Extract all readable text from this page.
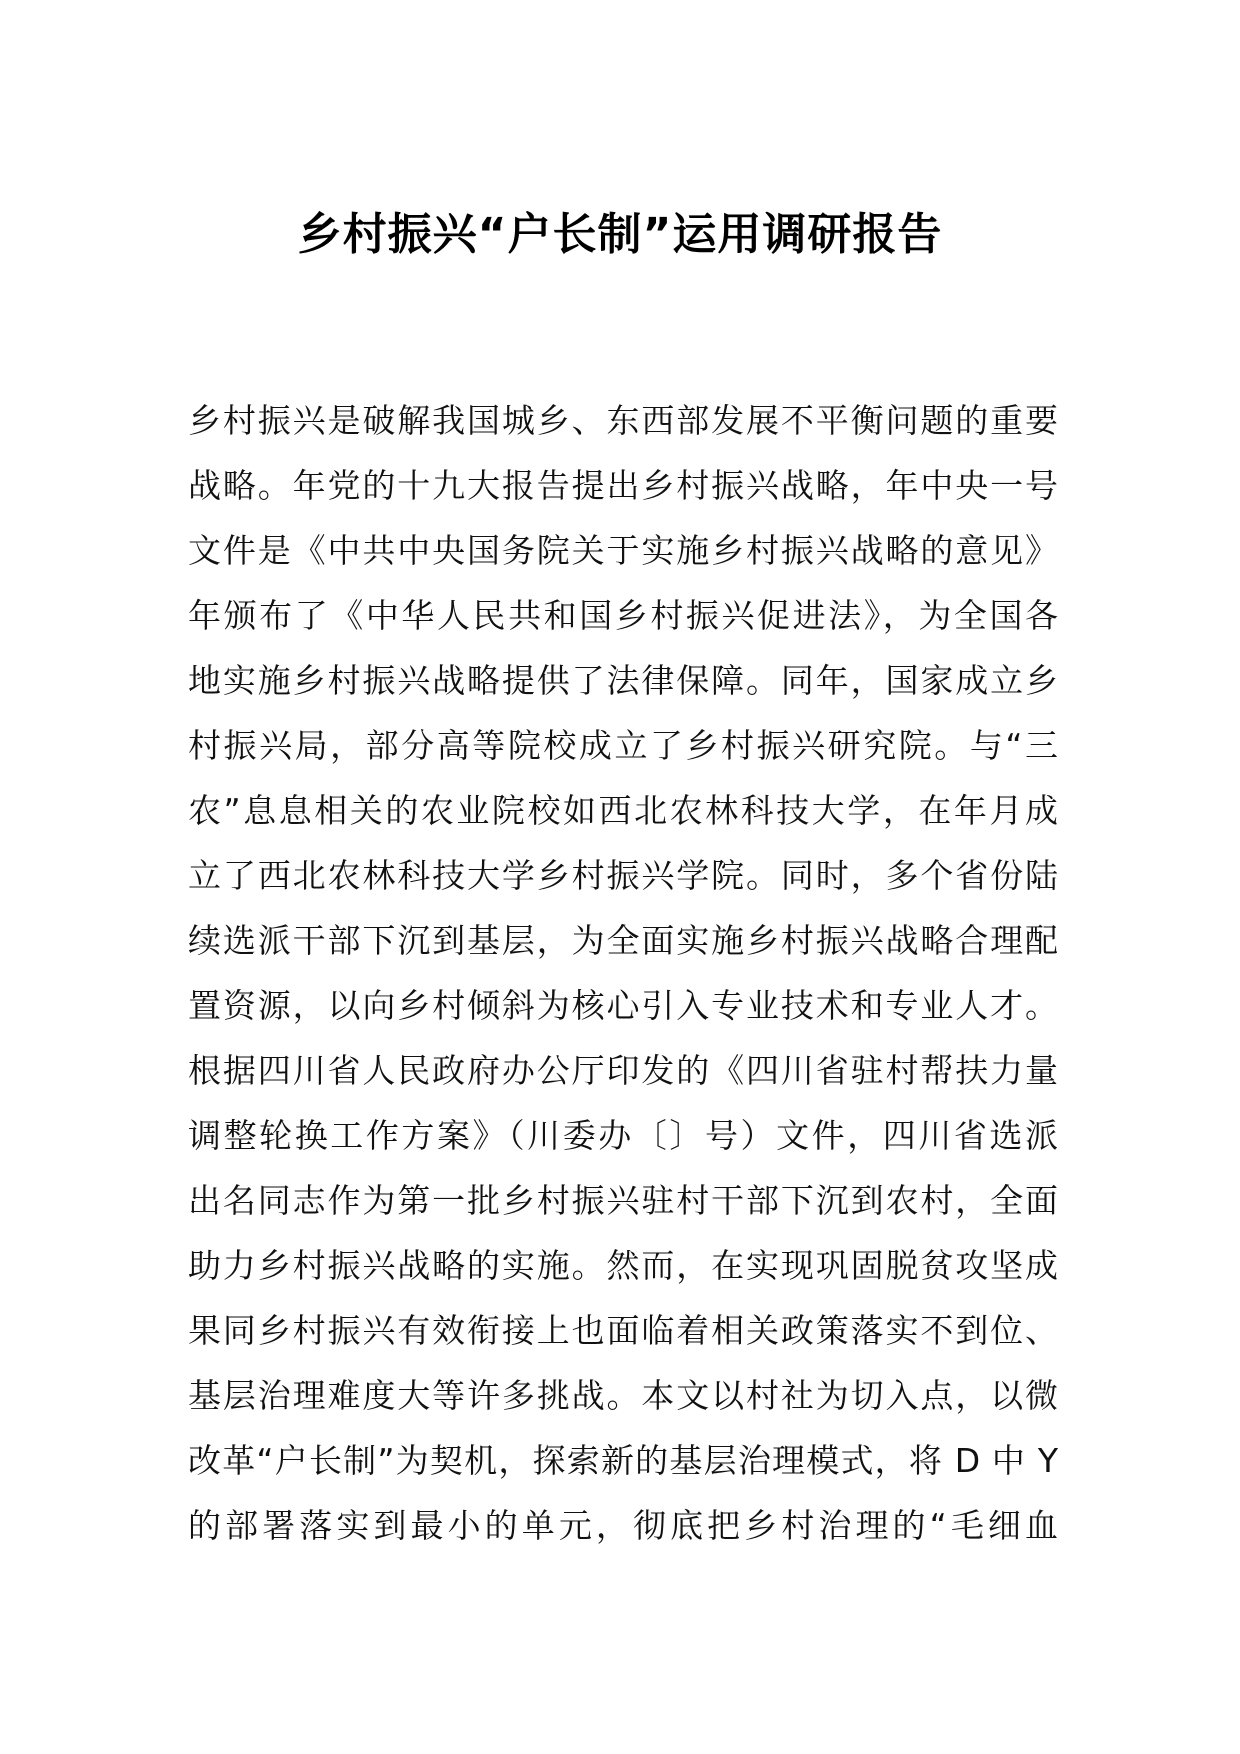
乡村振兴“户长制”运用调研报告
乡村振兴是破解我国城乡、东西部发展不平衡问题的重要
战略。年党的十九大报告提出乡村振兴战略，年中央一号
文件是《中共中央国务院关于实施乡村振兴战略的意见》
年颁布了《中华人民共和国乡村振兴促进法》，为全国各
地实施乡村振兴战略提供了法律保障。同年，国家成立乡
村振兴局，部分高等院校成立了乡村振兴研究院。与“三
农”息息相关的农业院校如西北农林科技大学，在年月成
立了西北农林科技大学乡村振兴学院。同时，多个省份陆
续选派干部下沉到基层，为全面实施乡村振兴战略合理配
置资源，以向乡村倾斜为核心引入专业技术和专业人才。
根据四川省人民政府办公厅印发的《四川省驻村帮扶力量
调整轮换工作方案》（川委办〔〕号）文件，四川省选派
出名同志作为第一批乡村振兴驻村干部下沉到农村，全面
助力乡村振兴战略的实施。然而，在实现巩固脱贫攻坚成
果同乡村振兴有效衔接上也面临着相关政策落实不到位、
基层治理难度大等许多挑战。本文以村社为切入点，以微
改革“户长制”为契机，探索新的基层治理模式，将 D 中 Y
的部署落实到最小的单元，彻底把乡村治理的“毛细血
